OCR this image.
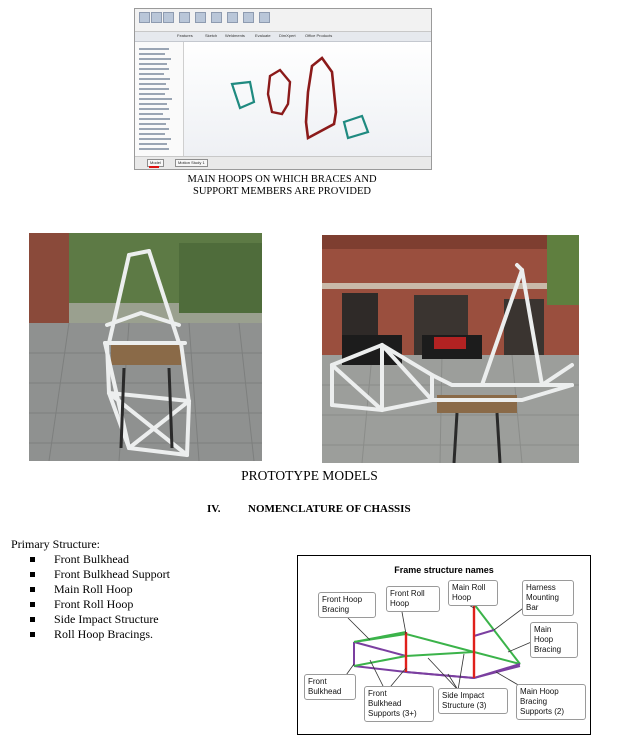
Features	Sketch	Weldments	Evaluate	DimXpert	Office Products
Model	Motion Study 1
MAIN HOOPS ON WHICH BRACES AND
SUPPORT MEMBERS ARE PROVIDED
PROTOTYPE MODELS
IV. NOMENCLATURE OF CHASSIS
Primary Structure:
Front Bulkhead
Front Bulkhead Support
Main Roll Hoop
Front Roll Hoop
Side Impact Structure
Roll Hoop Bracings.
Frame structure names
Front Hoop
Bracing
Front Roll
Hoop
Main Roll
Hoop
Harness
Mounting
Bar
Main
Hoop
Bracing
Front
Bulkhead	Front
Bulkhead
Supports (3+)
Side Impact
Structure (3)
Main Hoop
Bracing
Supports (2)
